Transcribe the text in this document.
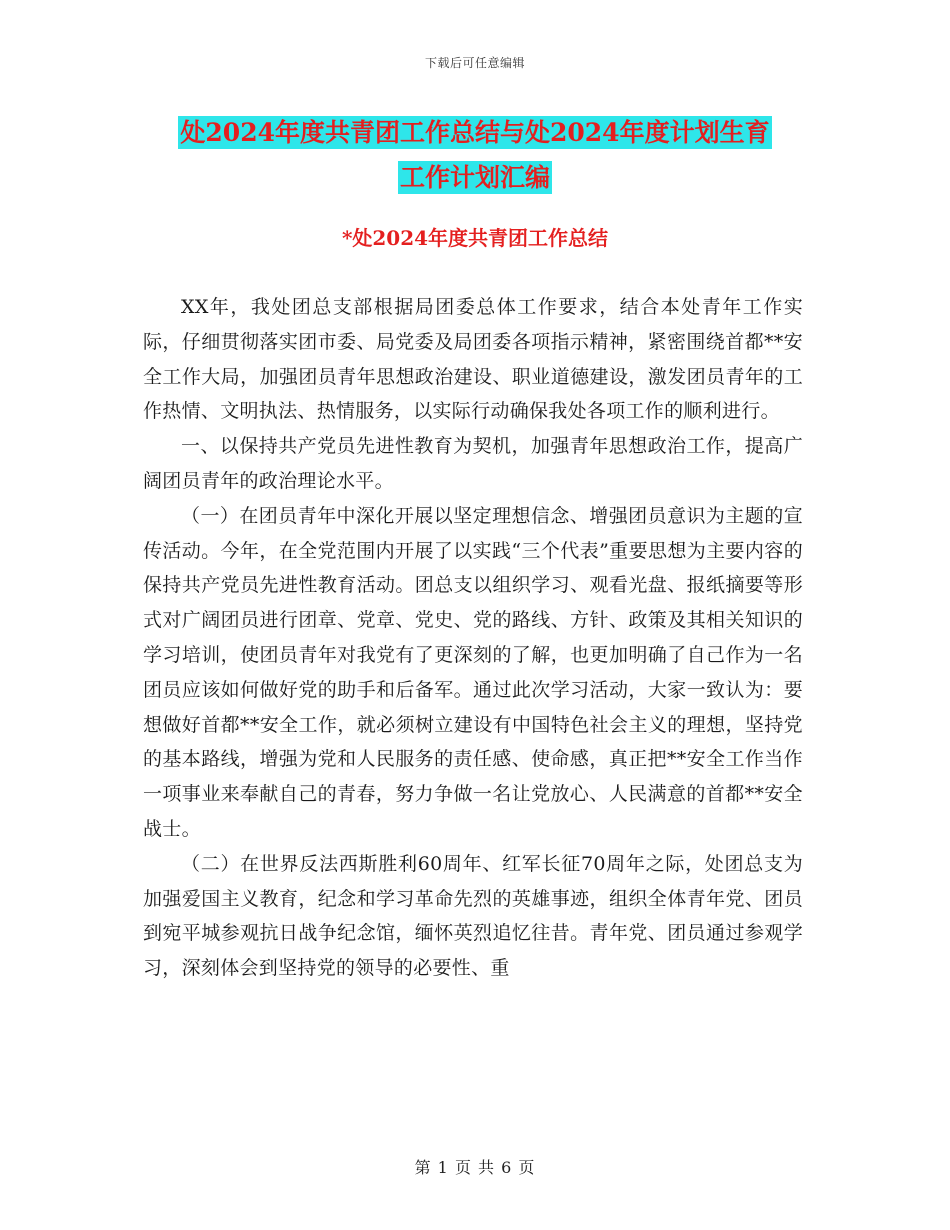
下载后可任意编辑
处2024年度共青团工作总结与处2024年度计划生育
工作计划汇编
*处2024年度共青团工作总结

XX年，我处团总支部根据局团委总体工作要求，结合本处青年工作实际，仔细贯彻落实团市委、局党委及局团委各项指示精神，紧密围绕首都**安全工作大局，加强团员青年思想政治建设、职业道德建设，激发团员青年的工作热情、文明执法、热情服务，以实际行动确保我处各项工作的顺利进行。

一、以保持共产党员先进性教育为契机，加强青年思想政治工作，提高广阔团员青年的政治理论水平。

（一）在团员青年中深化开展以坚定理想信念、增强团员意识为主题的宣传活动。今年，在全党范围内开展了以实践“三个代表”重要思想为主要内容的保持共产党员先进性教育活动。团总支以组织学习、观看光盘、报纸摘要等形式对广阔团员进行团章、党章、党史、党的路线、方针、政策及其相关知识的学习培训，使团员青年对我党有了更深刻的了解，也更加明确了自己作为一名团员应该如何做好党的助手和后备军。通过此次学习活动，大家一致认为：要想做好首都**安全工作，就必须树立建设有中国特色社会主义的理想，坚持党的基本路线，增强为党和人民服务的责任感、使命感，真正把**安全工作当作一项事业来奉献自己的青春，努力争做一名让党放心、人民满意的首都**安全战士。

（二）在世界反法西斯胜利60周年、红军长征70周年之际，处团总支为加强爱国主义教育，纪念和学习革命先烈的英雄事迹，组织全体青年党、团员到宛平城参观抗日战争纪念馆，缅怀英烈追忆往昔。青年党、团员通过参观学习，深刻体会到坚持党的领导的必要性、重

第 1 页 共 6 页
